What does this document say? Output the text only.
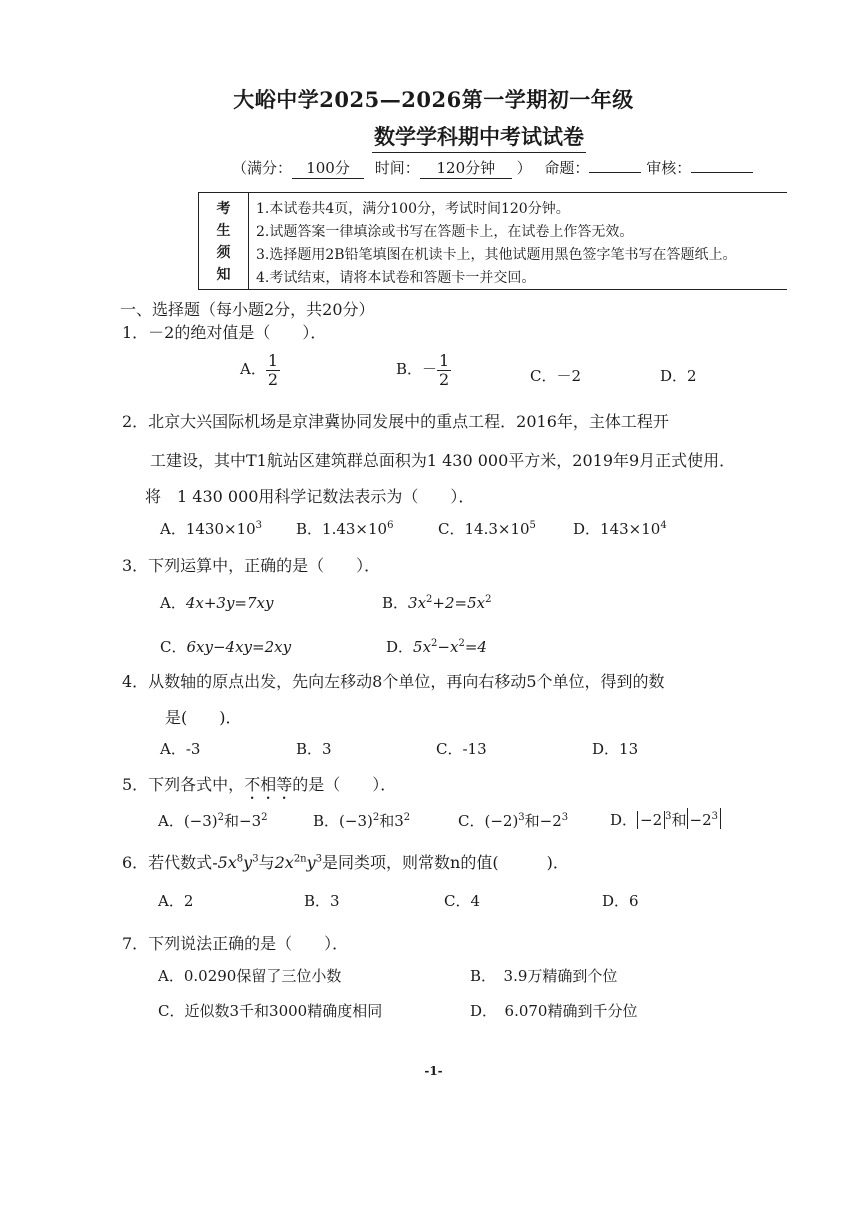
大峪中学2025—2026第一学期初一年级
数学学科期中考试试卷
（满分： 100分 时间： 120分钟 ） 命题：	审核：
考
生
须
知
1.本试卷共4页，满分100分，考试时间120分钟。
2.试题答案一律填涂或书写在答题卡上，在试卷上作答无效。
3.选择题用2B铅笔填图在机读卡上，其他试题用黑色签字笔书写在答题纸上。
4.考试结束，请将本试卷和答题卡一并交回。
一、选择题（每小题2分，共20分）
1．－2的绝对值是（　　）．
A． $\frac{1}{2}$	B．－ $\frac{1}{2}$	C．－2	D．2
2．北京大兴国际机场是京津冀协同发展中的重点工程．2016年，主体工程开
工建设，其中T1航站区建筑群总面积为1 430 000平方米，2019年9月正式使用．
将　1 430 000用科学记数法表示为（　　）．
A．$1430\times 10^3$ B．$1.43\times 10^6$	C．$14.3\times 10^5$ D．$143\times 10^4$
3．下列运算中，正确的是（　　）．
A．4x+3y=7xy	B．$3x^2+2=5x^2$
C．6xy−4xy=2xy	D．$5x^2-x^2=4$
4．从数轴的原点出发，先向左移动8个单位，再向右移动5个单位，得到的数
是(　　)．
A．-3	B．3	C．-13	D．13
5．下列各式中，不相等的是（　　）．
A．$(-3)^2$和$-3^2$	B．$(-3)^2$和$3^2$	C．$(-2)^3$和$-2^3$	D． −2 $^3$和 $-2^3$
6．若代数式$-5x^8y^3$与$2x^{2n}y^3$是同类项，则常数n的值(　　　)．
A．2	B．3	C．4	D．6
7．下列说法正确的是（　　）．
A．0.0290保留了三位小数	B．　3.9万精确到个位
C．近似数3千和3000精确度相同	D．　6.070精确到千分位
-1-
